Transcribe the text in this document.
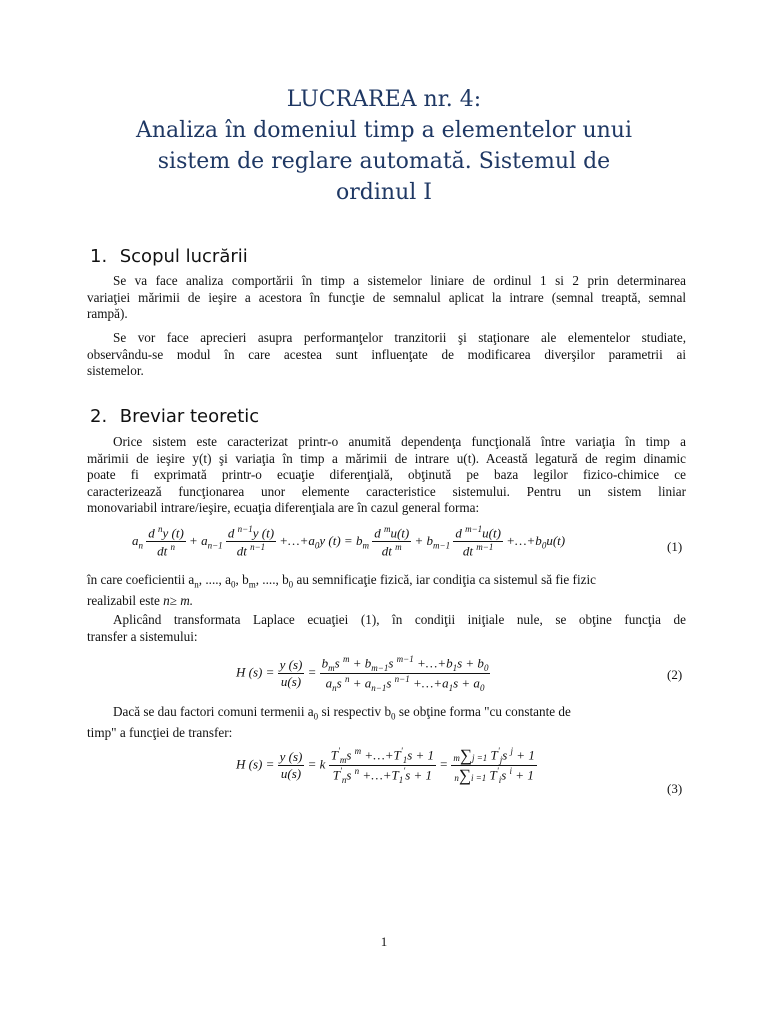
LUCRAREA nr. 4:
Analiza în domeniul timp a elementelor unui
sistem de reglare automată. Sistemul de
ordinul I
1. Scopul lucrării
Se va face analiza comportării în timp a sistemelor liniare de ordinul 1 si 2 prin determinarea
variaţiei mărimii de ieşire a acestora în funcţie de semnalul aplicat la intrare (semnal treaptă, semnal
rampă).
Se vor face aprecieri asupra performanţelor tranzitorii şi staţionare ale elementelor studiate,
observându-se modul în care acestea sunt influenţate de modificarea diverşilor parametrii ai
sistemelor.
2. Breviar teoretic
Orice sistem este caracterizat printr-o anumită dependenţa funcţională între variaţia în timp a
mărimii de ieşire y(t) şi variaţia în timp a mărimii de intrare u(t). Această legatură de regim dinamic
poate fi exprimată printr-o ecuaţie diferenţială, obţinută pe baza legilor fizico-chimice ce
caracterizează funcţionarea unor elemente caracteristice sistemului. Pentru un sistem liniar
monovariabil intrare/ieşire, ecuaţia diferenţiala are în cazul general forma:
$a_n \frac{d ^ny (t)}{dt ^n} + a_{n-1} \frac{d ^{n-1}y (t)}{dt ^{n-1}}$ $+\dots+a_0y$ $(t) = b_m \frac{d ^mu(t)}{dt ^m} + b_{m-1} \frac{d ^{m-1}u(t)}{dt ^{m-1}}$ $+\dots+b_0u(t)$	(1)
în care coeficientii $a_n$, ...., $a_0$, $b_m$, ...., $b_0$ au semnificaţie fizică, iar condiţia ca sistemul să fie fizic
realizabil este n≥ m.
Aplicând transformata Laplace ecuaţiei (1), în condiţii iniţiale nule, se obţine funcţia de
transfer a sistemului:
H $(s) = \frac{y (s)}{u(s)} = \frac{b_ms ^m + b_{m-1}s ^{m-1} +\dots+b_1s + b_0}{a_ns ^n + a_{n-1}s ^{n-1} +\dots+a_1s + a_0}$	(2)
Dacă se dau factori comuni termenii $a_0$ si respectiv $b_0$ se obţine forma "cu constante de
timp" a funcţiei de transfer:
H $(s) = \frac{y (s)}{u(s)} = k \frac{T'_ms ^m +\dots+T'_1s + 1}{T'_ns ^n +\dots+T_1's + 1} = \frac{m\sum j =1 T'_js ^j + 1}{n\sum i =1 T'_is ^i + 1}$
(3)
1
